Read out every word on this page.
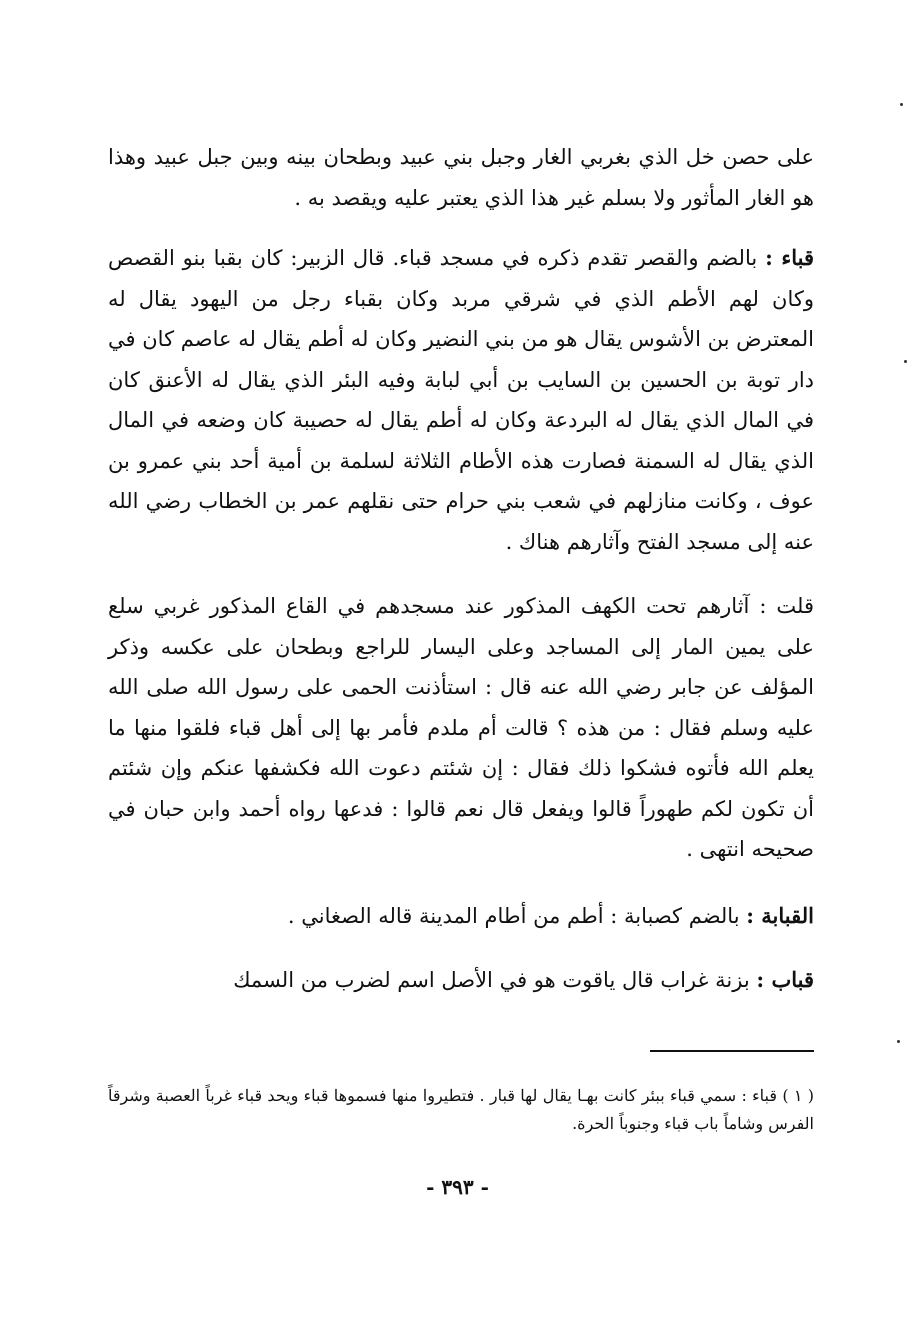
على حصن خل الذي بغربي الغار وجبل بني عبيد وبطحان بينه وبين جبل عبيد وهذا هو الغار المأثور ولا بسلم غير هذا الذي يعتبر عليه ويقصد به .

قباء : بالضم والقصر تقدم ذكره في مسجد قباء. قال الزبير: كان بقبا بنو القصص وكان لهم الأطم الذي في شرقي مربد وكان بقباء رجل من اليهود يقال له المعترض بن الأشوس يقال هو من بني النضير وكان له أطم يقال له عاصم كان في دار توبة بن الحسين بن السايب بن أبي لبابة وفيه البئر الذي يقال له الأعنق كان في المال الذي يقال له البردعة وكان له أطم يقال له حصيبة كان وضعه في المال الذي يقال له السمنة فصارت هذه الأطام الثلاثة لسلمة بن أمية أحد بني عمرو بن عوف ، وكانت منازلهم في شعب بني حرام حتى نقلهم عمر بن الخطاب رضي الله عنه إلى مسجد الفتح وآثارهم هناك .

قلت : آثارهم تحت الكهف المذكور عند مسجدهم في القاع المذكور غربي سلع على يمين المار إلى المساجد وعلى اليسار للراجع وبطحان على عكسه وذكر المؤلف عن جابر رضي الله عنه قال : استأذنت الحمى على رسول الله صلى الله عليه وسلم فقال : من هذه ؟ قالت أم ملدم فأمر بها إلى أهل قباء فلقوا منها ما يعلم الله فأتوه فشكوا ذلك فقال : إن شئتم دعوت الله فكشفها عنكم وإن شئتم أن تكون لكم طهوراً قالوا ويفعل قال نعم قالوا : فدعها رواه أحمد وابن حبان في صحيحه انتهى .

القبابة : بالضم كصبابة : أطم من أطام المدينة قاله الصغاني .

قباب : بزنة غراب قال ياقوت هو في الأصل اسم لضرب من السمك

( ١ ) قباء : سمي قباء ببئر كانت بهـا يقال لها قبار . فتطيروا منها فسموها قباء ويحد قباء غرباً العصبة وشرقاً الفرس وشاماً باب قباء وجنوباً الحرة.

- ٣٩٣ -
